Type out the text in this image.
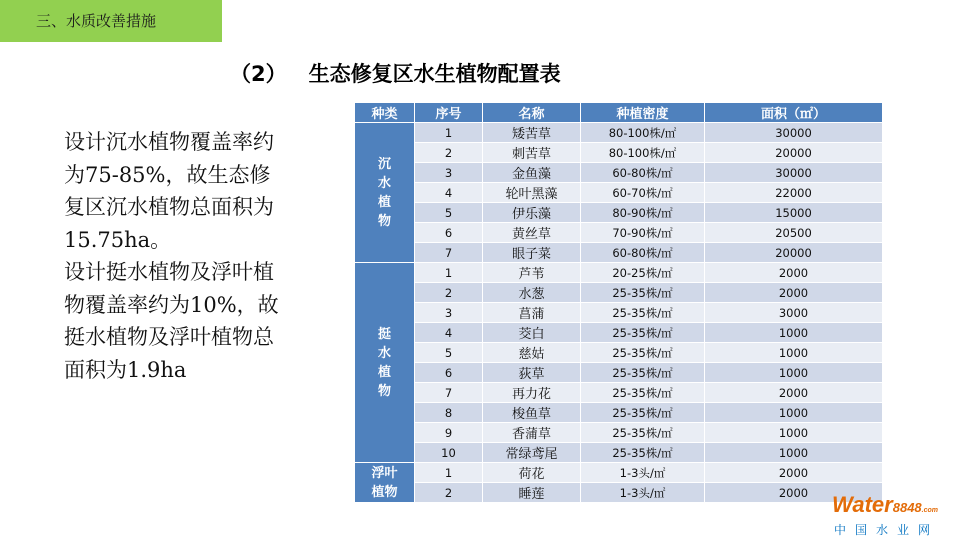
三、水质改善措施
（2） 生态修复区水生植物配置表

设计沉水植物覆盖率约为75-85%，故生态修复区沉水植物总面积为15.75ha。

设计挺水植物及浮叶植物覆盖率约为10%，故挺水植物及浮叶植物总面积为1.9ha

种类	序号	名称	种植密度	面积（㎡）

沉
水
植
物	1	矮苦草	80-100株/㎡	30000
	2	刺苦草	80-100株/㎡	20000
	3	金鱼藻	60-80株/㎡	30000
	4	轮叶黑藻	60-70株/㎡	22000
	5	伊乐藻	80-90株/㎡	15000
	6	黄丝草	70-90株/㎡	20500
	7	眼子菜	60-80株/㎡	20000

挺
水
植
物	1	芦苇	20-25株/㎡	2000
	2	水葱	25-35株/㎡	2000
	3	菖蒲	25-35株/㎡	3000
	4	茭白	25-35株/㎡	1000
	5	慈姑	25-35株/㎡	1000
	6	荻草	25-35株/㎡	1000
	7	再力花	25-35株/㎡	2000
	8	梭鱼草	25-35株/㎡	1000
	9	香蒲草	25-35株/㎡	1000
	10	常绿鸢尾	25-35株/㎡	1000

浮叶
植物	1	荷花	1-3头/㎡	2000
	2	睡莲	1-3头/㎡	2000 Water8848.com
中国水业网
